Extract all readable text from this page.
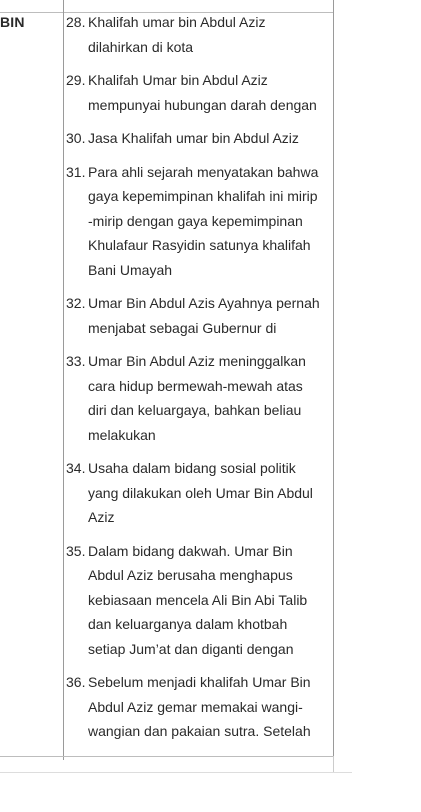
BIN	28. Khalifah umar bin Abdul Aziz
dilahirkan di kota
29. Khalifah Umar bin Abdul Aziz
mempunyai hubungan darah dengan
30. Jasa Khalifah umar bin Abdul Aziz
31. Para ahli sejarah menyatakan bahwa
gaya kepemimpinan khalifah ini mirip
-mirip dengan gaya kepemimpinan
Khulafaur Rasyidin satunya khalifah
Bani Umayah
32. Umar Bin Abdul Azis Ayahnya pernah
menjabat sebagai Gubernur di
33. Umar Bin Abdul Aziz meninggalkan
cara hidup bermewah-mewah atas
diri dan keluargaya, bahkan beliau
melakukan
34. Usaha dalam bidang sosial politik
yang dilakukan oleh Umar Bin Abdul
Aziz
35. Dalam bidang dakwah. Umar Bin
Abdul Aziz berusaha menghapus
kebiasaan mencela Ali Bin Abi Talib
dan keluarganya dalam khotbah
setiap Jum’at dan diganti dengan
36. Sebelum menjadi khalifah Umar Bin
Abdul Aziz gemar memakai wangi-
wangian dan pakaian sutra. Setelah
